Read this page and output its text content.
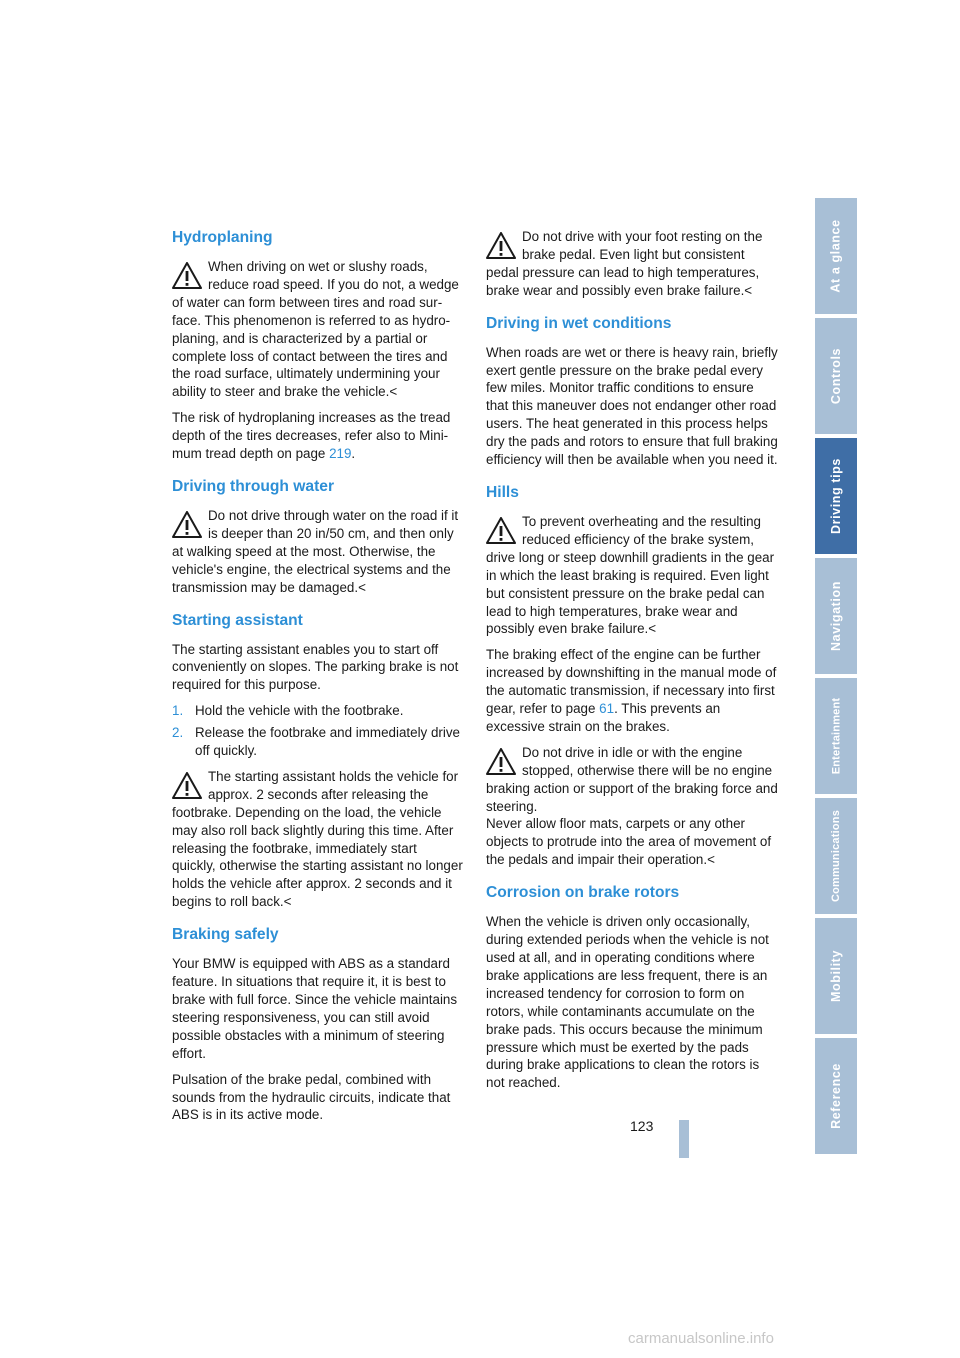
Hydroplaning
When driving on wet or slushy roads, reduce road speed. If you do not, a wedge of water can form between tires and road sur-face. This phenomenon is referred to as hydro-planing, and is characterized by a partial or complete loss of contact between the tires and the road surface, ultimately undermining your ability to steer and brake the vehicle.<

The risk of hydroplaning increases as the tread depth of the tires decreases, refer also to Mini-mum tread depth on page 219.

Driving through water
Do not drive through water on the road if it is deeper than 20 in/50 cm, and then only at walking speed at the most. Otherwise, the vehicle's engine, the electrical systems and the transmission may be damaged.<
Starting assistant

The starting assistant enables you to start off conveniently on slopes. The parking brake is not required for this purpose.

1. Hold the vehicle with the footbrake.
2. Release the footbrake and immediately drive off quickly.
The starting assistant holds the vehicle for approx. 2 seconds after releasing the footbrake. Depending on the load, the vehicle may also roll back slightly during this time. After releasing the footbrake, immediately start quickly, otherwise the starting assistant no longer holds the vehicle after approx. 2 seconds and it begins to roll back.<
Braking safely

Your BMW is equipped with ABS as a standard feature. In situations that require it, it is best to brake with full force. Since the vehicle maintains steering responsiveness, you can still avoid possible obstacles with a minimum of steering effort.

Pulsation of the brake pedal, combined with sounds from the hydraulic circuits, indicate that ABS is in its active mode.

Do not drive with your foot resting on the brake pedal. Even light but consistent pedal pressure can lead to high temperatures, brake wear and possibly even brake failure.<
Driving in wet conditions

When roads are wet or there is heavy rain, briefly exert gentle pressure on the brake pedal every few miles. Monitor traffic conditions to ensure that this maneuver does not endanger other road users. The heat generated in this process helps dry the pads and rotors to ensure that full braking efficiency will then be available when you need it.

Hills
To prevent overheating and the resulting reduced efficiency of the brake system, drive long or steep downhill gradients in the gear in which the least braking is required. Even light but consistent pressure on the brake pedal can lead to high temperatures, brake wear and possibly even brake failure.<

The braking effect of the engine can be further increased by downshifting in the manual mode of the automatic transmission, if necessary into first gear, refer to page 61. This prevents an excessive strain on the brakes.

Do not drive in idle or with the engine stopped, otherwise there will be no engine braking action or support of the braking force and steering.
Never allow floor mats, carpets or any other objects to protrude into the area of movement of the pedals and impair their operation.<
Corrosion on brake rotors

When the vehicle is driven only occasionally, during extended periods when the vehicle is not used at all, and in operating conditions where brake applications are less frequent, there is an increased tendency for corrosion to form on rotors, while contaminants accumulate on the brake pads. This occurs because the minimum pressure which must be exerted by the pads during brake applications to clean the rotors is not reached.

At a glance
Controls
Driving tips
Navigation
Entertainment
Communications
Mobility
Reference
123
carmanualsonline.info
